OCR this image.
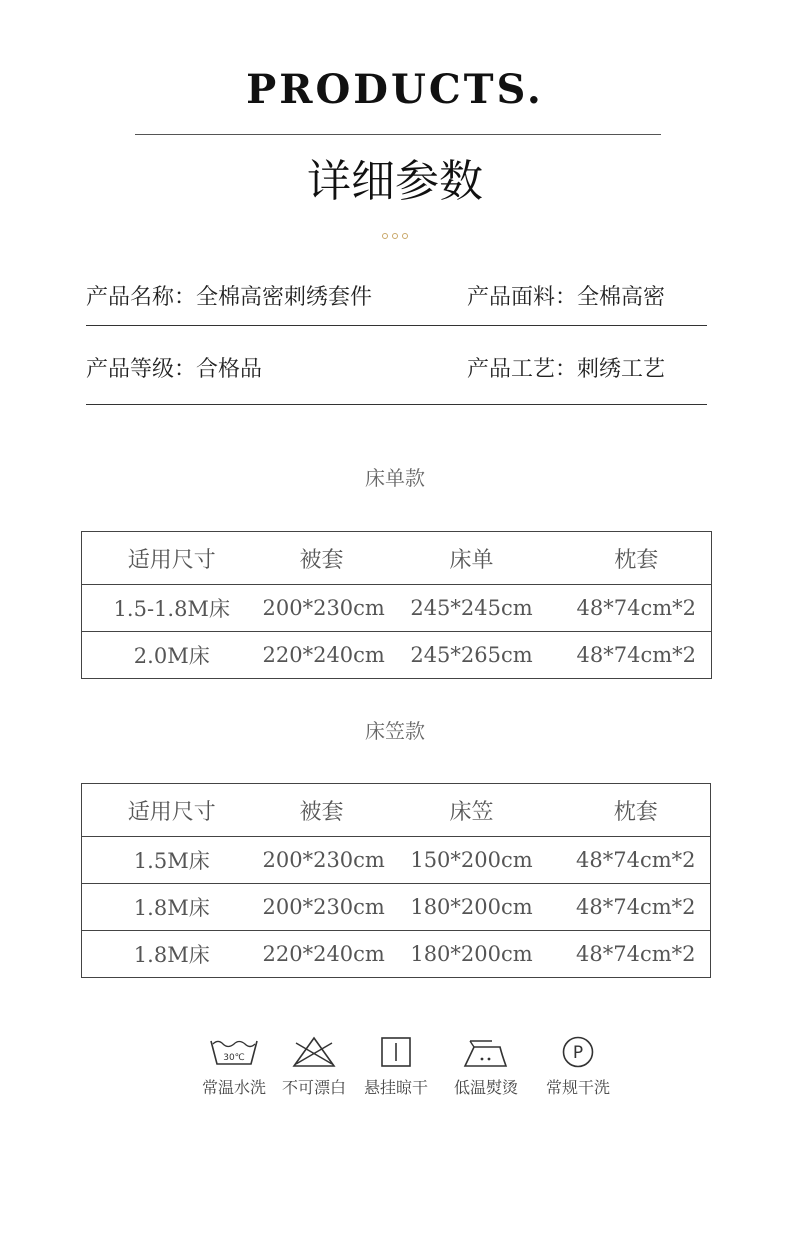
PRODUCTS.
详细参数
产品名称：全棉高密刺绣套件	产品面料：全棉高密
产品等级：合格品	产品工艺：刺绣工艺
床单款
适用尺寸	被套	床单	枕套
1.5-1.8M床	200*230cm	245*245cm	48*74cm*2
2.0M床	220*240cm	245*265cm	48*74cm*2
床笠款
适用尺寸	被套	床笠	枕套
1.5M床	200*230cm	150*200cm	48*74cm*2
1.8M床	200*230cm	180*200cm	48*74cm*2
1.8M床	220*240cm	180*200cm	48*74cm*2
30℃
常温水洗 不可漂白	悬挂晾干	低温熨烫
P
常规干洗
